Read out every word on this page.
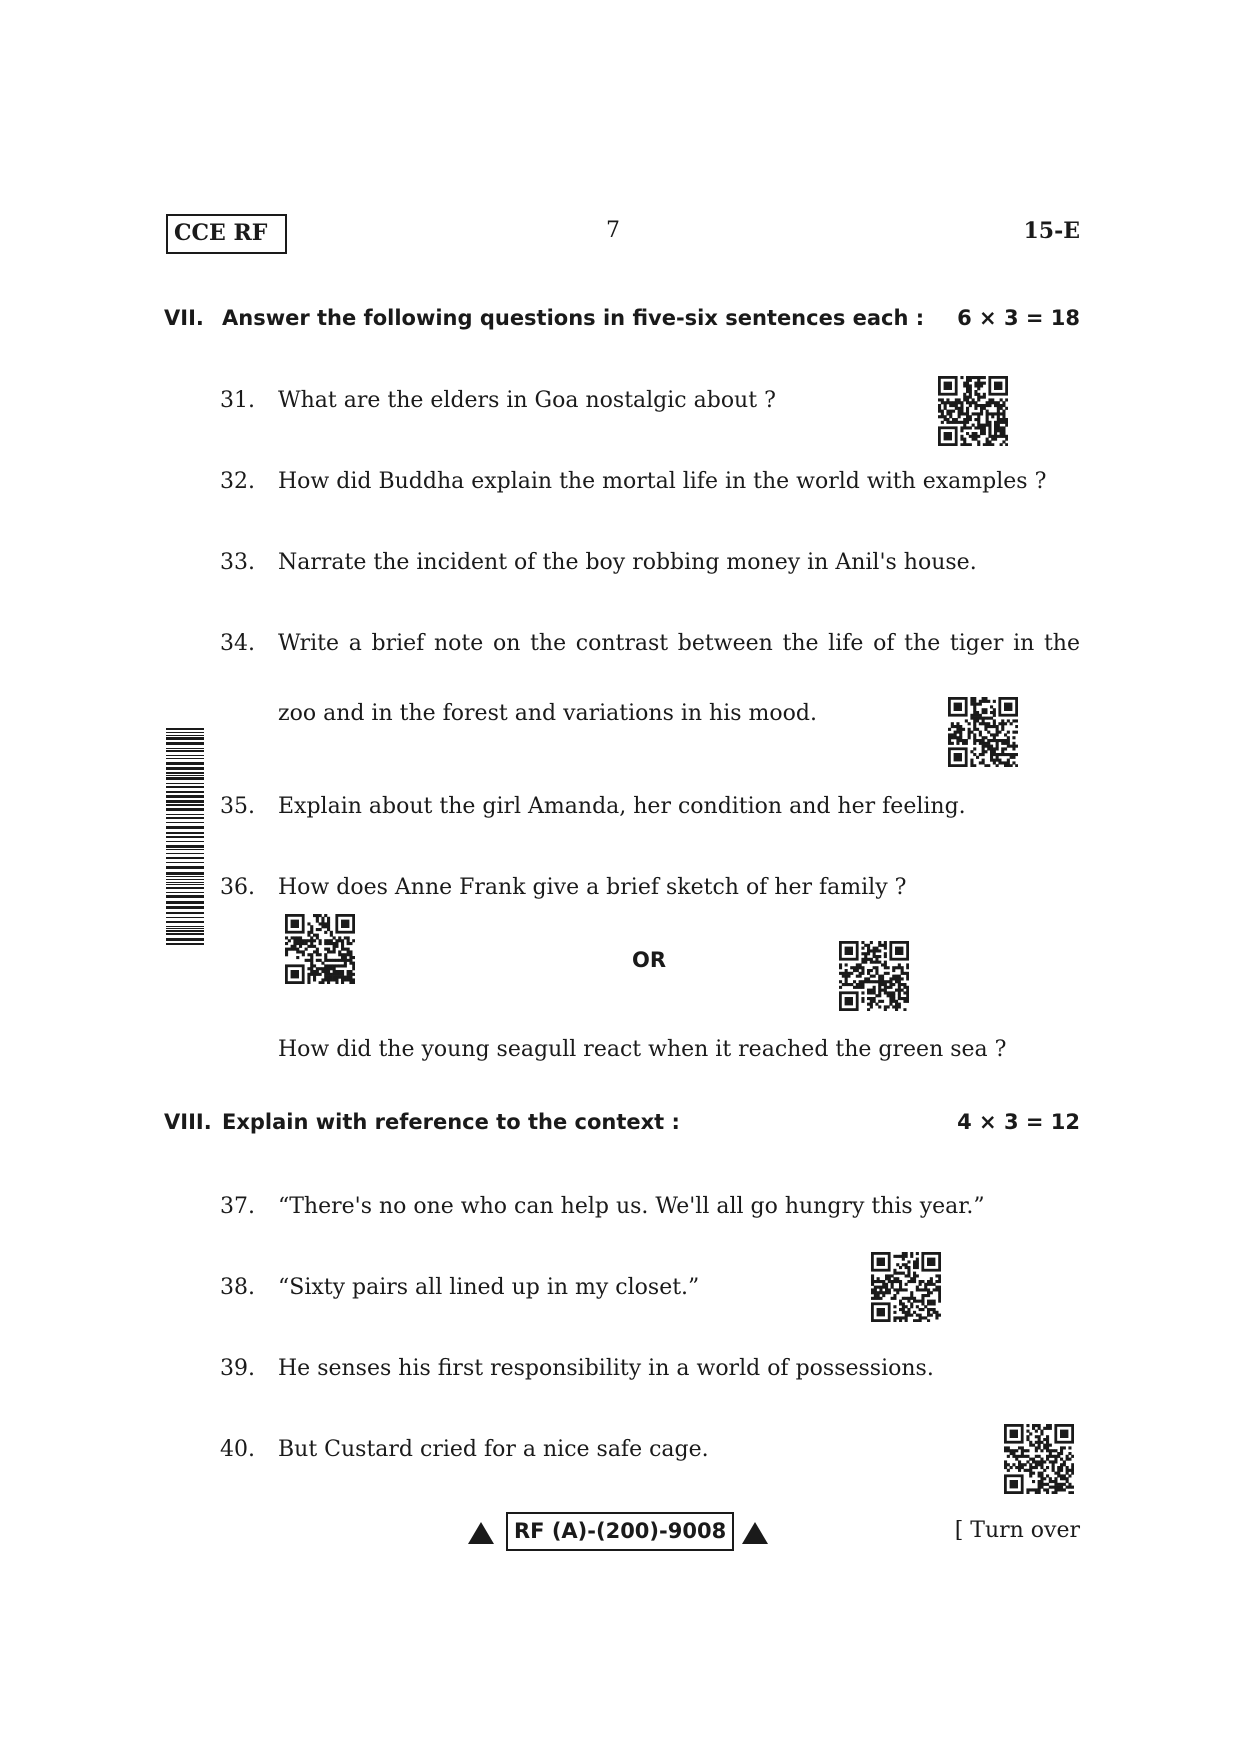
CCE RF	7	15-E
VII. Answer the following questions in five-six sentences each : 6 × 3 = 18
31. What are the elders in Goa nostalgic about ?
32. How did Buddha explain the mortal life in the world with examples ?
33. Narrate the incident of the boy robbing money in Anil's house.
34. Write a brief note on the contrast between the life of the tiger in the zoo and in the forest and variations in his mood.
35. Explain about the girl Amanda, her condition and her feeling.
36. How does Anne Frank give a brief sketch of her family ?
OR
How did the young seagull react when it reached the green sea ?
VIII. Explain with reference to the context :	4 × 3 = 12
37. “There's no one who can help us. We'll all go hungry this year.”
38. “Sixty pairs all lined up in my closet.”
39. He senses his first responsibility in a world of possessions.
40. But Custard cried for a nice safe cage.
RF (A)-(200)-9008	[ Turn over
